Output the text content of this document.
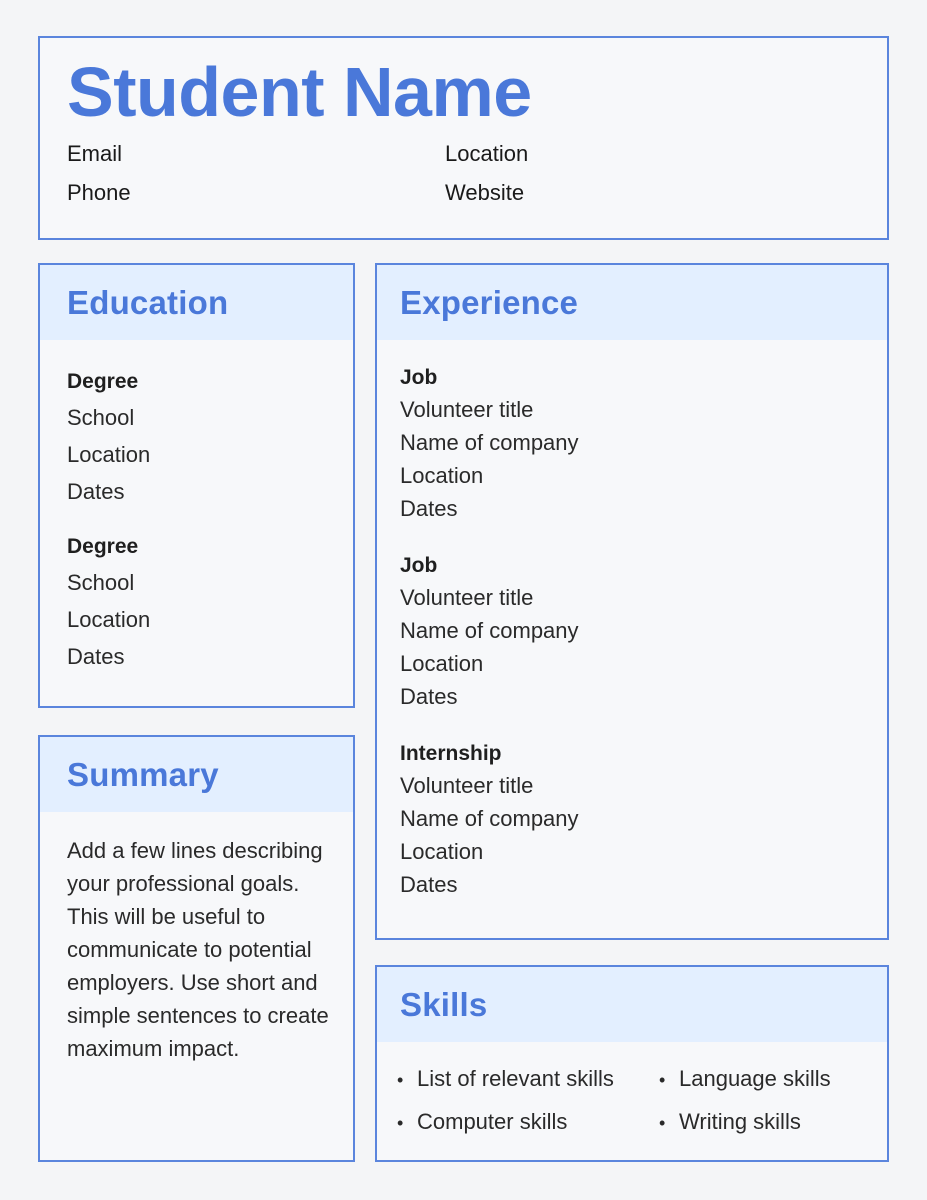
Student Name
Email
Phone
Location
Website
Education
Degree
School
Location
Dates
Degree
School
Location
Dates
Summary

Add a few lines describing your professional goals. This will be useful to communicate to potential employers. Use short and simple sentences to create maximum impact.

Experience
Job
Volunteer title
Name of company
Location
Dates
Job
Volunteer title
Name of company
Location
Dates
Internship
Volunteer title
Name of company
Location
Dates
Skills
• List of relevant skills
• Computer skills
• Language skills
• Writing skills
